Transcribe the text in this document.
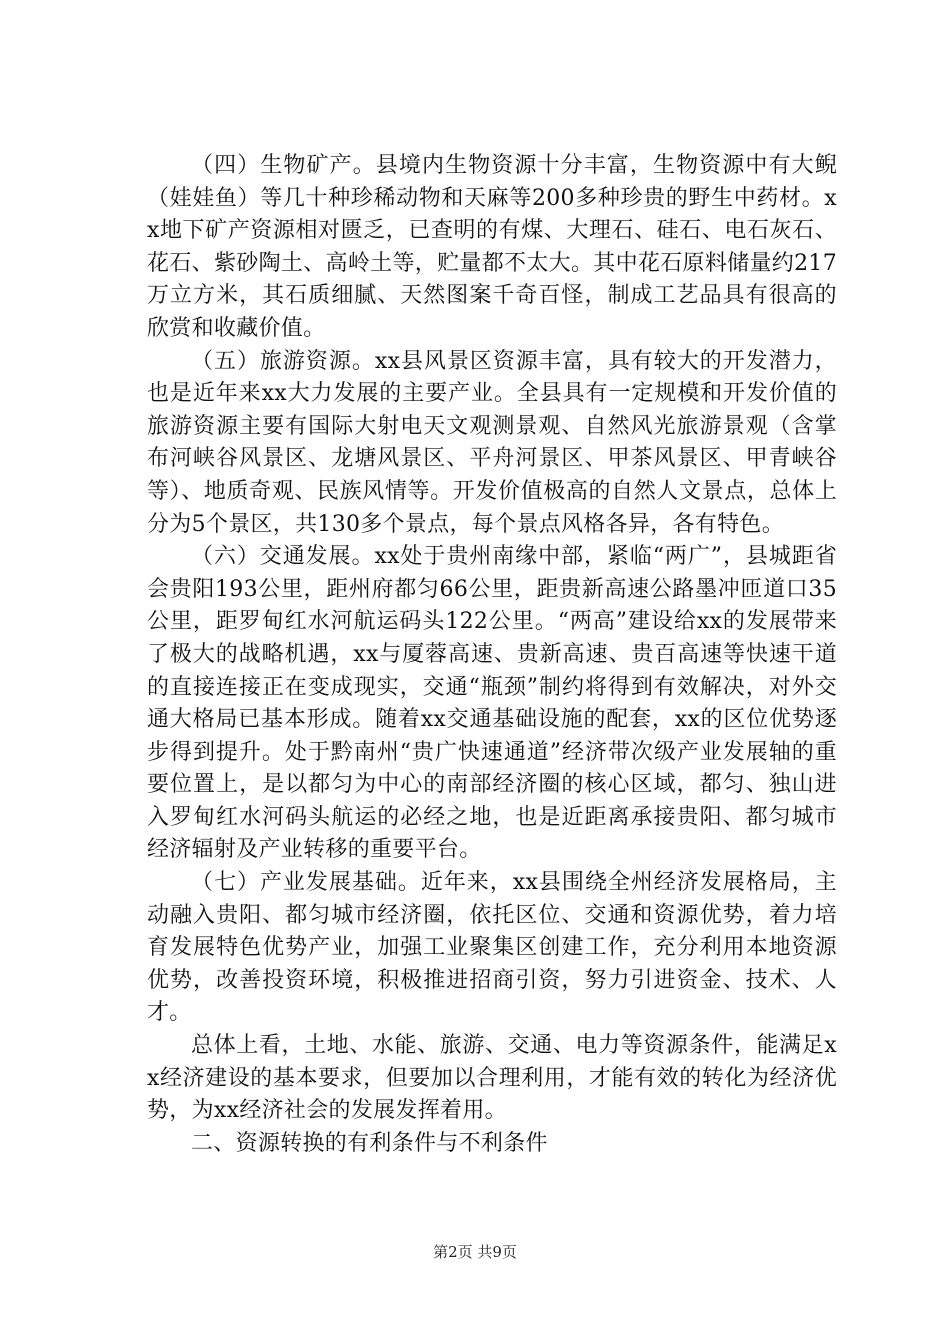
（四）生物矿产。县境内生物资源十分丰富，生物资源中有大鲵（娃娃鱼）等几十种珍稀动物和天麻等200多种珍贵的野生中药材。xx地下矿产资源相对匮乏，已查明的有煤、大理石、硅石、电石灰石、花石、紫砂陶土、高岭土等，贮量都不太大。其中花石原料储量约217万立方米，其石质细腻、天然图案千奇百怪，制成工艺品具有很高的欣赏和收藏价值。

（五）旅游资源。xx县风景区资源丰富，具有较大的开发潜力，也是近年来xx大力发展的主要产业。全县具有一定规模和开发价值的旅游资源主要有国际大射电天文观测景观、自然风光旅游景观（含掌布河峡谷风景区、龙塘风景区、平舟河景区、甲茶风景区、甲青峡谷等）、地质奇观、民族风情等。开发价值极高的自然人文景点，总体上分为5个景区，共130多个景点，每个景点风格各异，各有特色。

（六）交通发展。xx处于贵州南缘中部，紧临“两广”，县城距省会贵阳193公里，距州府都匀66公里，距贵新高速公路墨冲匝道口35公里，距罗甸红水河航运码头122公里。“两高”建设给xx的发展带来了极大的战略机遇，xx与厦蓉高速、贵新高速、贵百高速等快速干道的直接连接正在变成现实，交通“瓶颈”制约将得到有效解决，对外交通大格局已基本形成。随着xx交通基础设施的配套，xx的区位优势逐步得到提升。处于黔南州“贵广快速通道”经济带次级产业发展轴的重要位置上，是以都匀为中心的南部经济圈的核心区域，都匀、独山进入罗甸红水河码头航运的必经之地，也是近距离承接贵阳、都匀城市经济辐射及产业转移的重要平台。

（七）产业发展基础。近年来，xx县围绕全州经济发展格局，主动融入贵阳、都匀城市经济圈，依托区位、交通和资源优势，着力培育发展特色优势产业，加强工业聚集区创建工作，充分利用本地资源优势，改善投资环境，积极推进招商引资，努力引进资金、技术、人才。

总体上看，土地、水能、旅游、交通、电力等资源条件，能满足xx经济建设的基本要求，但要加以合理利用，才能有效的转化为经济优势，为xx经济社会的发展发挥着用。

二、资源转换的有利条件与不利条件

第2页 共9页
